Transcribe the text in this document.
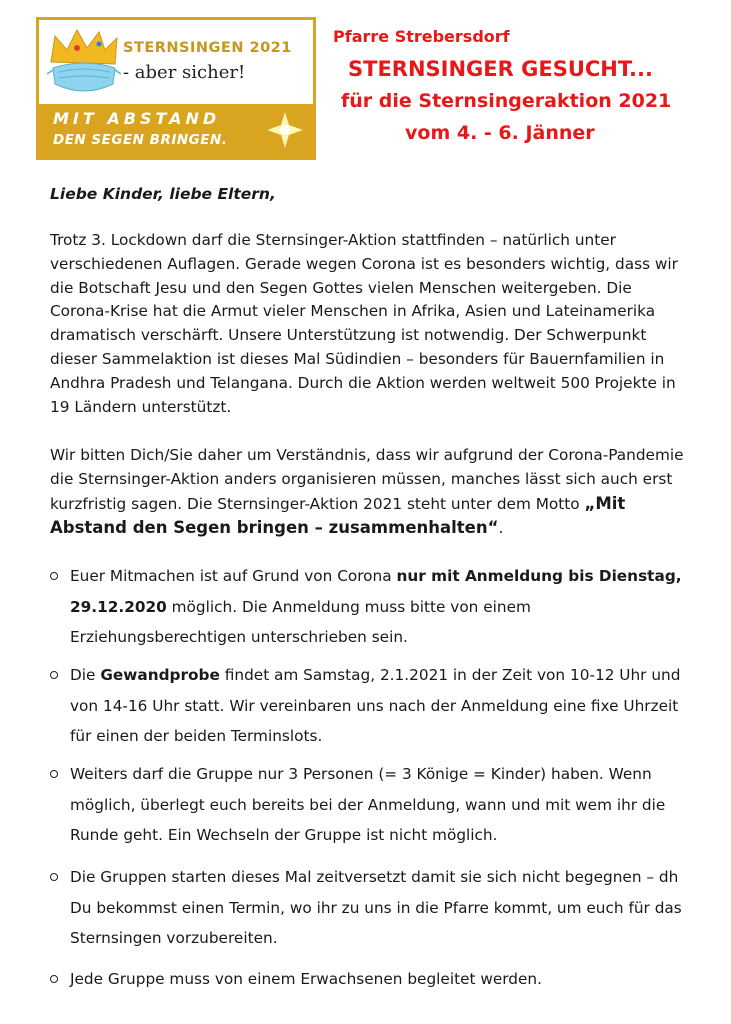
STERNSINGEN 2021
- aber sicher!
MIT ABSTAND
DEN SEGEN BRINGEN.
Pfarre Strebersdorf
STERNSINGER GESUCHT...
für die Sternsingeraktion 2021
vom 4. - 6. Jänner
Liebe Kinder, liebe Eltern,
Trotz 3. Lockdown darf die Sternsinger-Aktion stattfinden – natürlich unter verschiedenen Auflagen. Gerade wegen Corona ist es besonders wichtig, dass wir die Botschaft Jesu und den Segen Gottes vielen Menschen weitergeben. Die Corona-Krise hat die Armut vieler Menschen in Afrika, Asien und Lateinamerika dramatisch verschärft. Unsere Unterstützung ist notwendig. Der Schwerpunkt dieser Sammelaktion ist dieses Mal Südindien – besonders für Bauernfamilien in Andhra Pradesh und Telangana. Durch die Aktion werden weltweit 500 Projekte in 19 Ländern unterstützt.
Wir bitten Dich/Sie daher um Verständnis, dass wir aufgrund der Corona-Pandemie die Sternsinger-Aktion anders organisieren müssen, manches lässt sich auch erst kurzfristig sagen. Die Sternsinger-Aktion 2021 steht unter dem Motto „Mit Abstand den Segen bringen – zusammenhalten“.
Euer Mitmachen ist auf Grund von Corona nur mit Anmeldung bis Dienstag, 29.12.2020 möglich. Die Anmeldung muss bitte von einem Erziehungsberechtigen unterschrieben sein.
Die Gewandprobe findet am Samstag, 2.1.2021 in der Zeit von 10-12 Uhr und von 14-16 Uhr statt. Wir vereinbaren uns nach der Anmeldung eine fixe Uhrzeit für einen der beiden Terminslots.
Weiters darf die Gruppe nur 3 Personen (= 3 Könige = Kinder) haben. Wenn möglich, überlegt euch bereits bei der Anmeldung, wann und mit wem ihr die Runde geht. Ein Wechseln der Gruppe ist nicht möglich.
Die Gruppen starten dieses Mal zeitversetzt damit sie sich nicht begegnen – dh Du bekommst einen Termin, wo ihr zu uns in die Pfarre kommt, um euch für das Sternsingen vorzubereiten.
Jede Gruppe muss von einem Erwachsenen begleitet werden.
